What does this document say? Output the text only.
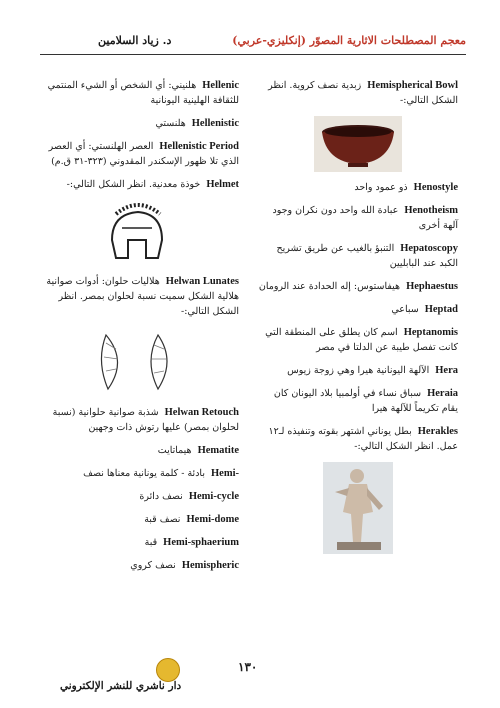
معجم المصطلحات الاثارية المصوّر (إنكليزي-عربي)
د. زياد السلامين
Hemispherical Bowl زبدية نصف كروية. انظر الشكل التالي:-
Henostyle ذو عمود واحد
Henotheism عبادة الله واحد دون نكران وجود آلهة أخرى
Hepatoscopy التنبؤ بالغيب عن طريق تشريح الكبد عند البابليين
Hephaestus هيفاستوس: إله الحدادة عند الرومان
Heptad سباعي
Heptanomis اسم كان يطلق على المنطقة التي كانت تفصل طيبة عن الدلتا في مصر
Hera الآلهة اليونانية هيرا وهي زوجة زيوس
Heraia سباق نساء في أولمبيا بلاد اليونان كان يقام تكريماً للآلهة هيرا
Herakles بطل يوناني اشتهر بقوته وتنفيذه لـ١٢ عمل. انظر الشكل التالي:-
Hellenic هلنيني: أي الشخص أو الشيء المنتمي للثقافة الهلينية اليونانية
Hellenistic هلنستي
Hellenistic Period العصر الهلنستي: أي العصر الذي تلا ظهور الإسكندر المقدوني (٣٢٣-٣١ ق.م)
Helmet خوذة معدنية. انظر الشكل التالي:-
Helwan Lunates هلاليات حلوان: أدوات صوانية هلالية الشكل سميت نسبة لحلوان بمصر. انظر الشكل التالي:-
Helwan Retouch شذبة صوانية حلوانية (نسبة لحلوان بمصر) عليها رتوش ذات وجهين
Hematite هيماتايت
Hemi- بادئة - كلمة يونانية معناها نصف
Hemi-cycle نصف دائرة
Hemi-dome نصف قبة
Hemi-sphaerium قبة
Hemispheric نصف كروي
دار ناشري للنشر الإلكتروني
١٣٠
